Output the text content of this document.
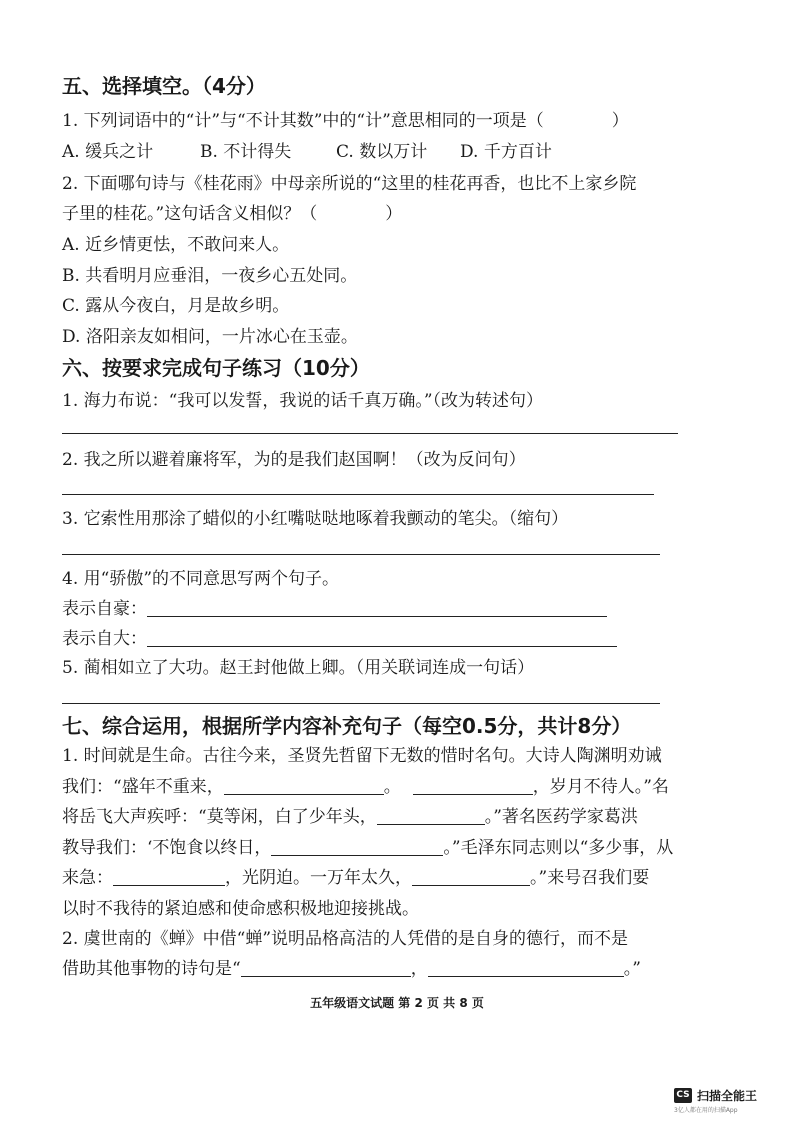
五、选择填空。（4分）
1. 下列词语中的“计”与“不计其数”中的“计”意思相同的一项是（　　　　）
A. 缓兵之计	B. 不计得失	C. 数以万计 D. 千方百计
2. 下面哪句诗与《桂花雨》中母亲所说的“这里的桂花再香，也比不上家乡院
子里的桂花。”这句话含义相似？（　　　　）
A. 近乡情更怯，不敢问来人。
B. 共看明月应垂泪，一夜乡心五处同。
C. 露从今夜白，月是故乡明。
D. 洛阳亲友如相问，一片冰心在玉壶。
六、按要求完成句子练习（10分）
1. 海力布说：“我可以发誓，我说的话千真万确。”（改为转述句）
2. 我之所以避着廉将军，为的是我们赵国啊！（改为反问句）
3. 它索性用那涂了蜡似的小红嘴哒哒地啄着我颤动的笔尖。（缩句）
4. 用“骄傲”的不同意思写两个句子。
表示自豪：
表示自大：
5. 蔺相如立了大功。赵王封他做上卿。（用关联词连成一句话）
七、综合运用，根据所学内容补充句子（每空0.5分，共计8分）
1. 时间就是生命。古往今来，圣贤先哲留下无数的惜时名句。大诗人陶渊明劝诫
我们：“盛年不重来，	。	，岁月不待人。”名
将岳飞大声疾呼：“莫等闲，白了少年头，	。”著名医药学家葛洪
教导我们：‘不饱食以终日，	。”毛泽东同志则以“多少事，从
来急：	，光阴迫。一万年太久，	。”来号召我们要
以时不我待的紧迫感和使命感积极地迎接挑战。
2. 虞世南的《蝉》中借“蝉”说明品格高洁的人凭借的是自身的德行，而不是
借助其他事物的诗句是“	，	。”
五年级语文试题 第 2 页 共 8 页
CS 扫描全能王
3亿人都在用的扫描App
